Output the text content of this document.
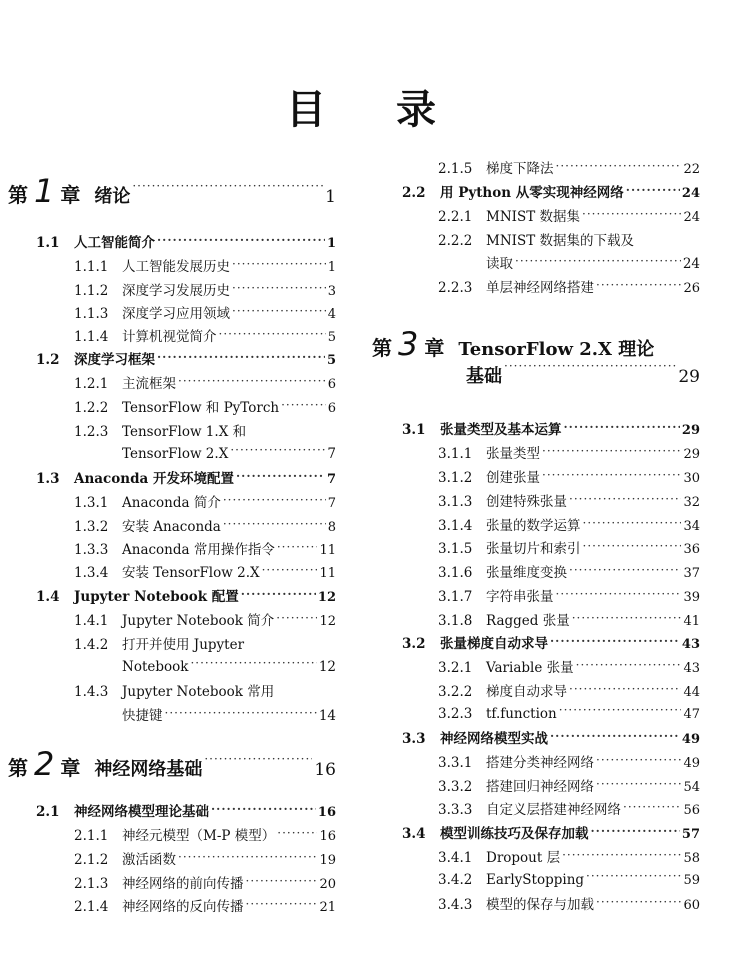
目 录
第 1 章 绪论 ·····	1
1.1	人工智能简介 ·····	1
1.1.1	人工智能发展历史 ·····	1
1.1.2	深度学习发展历史 ·····	3
1.1.3	深度学习应用领域 ·····	4
1.1.4	计算机视觉简介 ·····	5
1.2	深度学习框架 ·····	5
1.2.1	主流框架 ·····	6
1.2.2	TensorFlow 和 PyTorch ·····	6
1.2.3	TensorFlow 1.X 和
TensorFlow 2.X ·····	7
1.3	Anaconda 开发环境配置 ·····	7
1.3.1	Anaconda 简介 ·····	7
1.3.2	安装 Anaconda ·····	8
1.3.3	Anaconda 常用操作指令 ·····	11
1.3.4	安装 TensorFlow 2.X ·····	11
1.4	Jupyter Notebook 配置 ·····	12
1.4.1	Jupyter Notebook 简介 ·····	12
1.4.2	打开并使用 Jupyter
Notebook ·····	12
1.4.3	Jupyter Notebook 常用
快捷键 ·····	14
第 2 章 神经网络基础 ·····	16
2.1	神经网络模型理论基础 ·····	16
2.1.1	神经元模型（M-P 模型） ·····	16
2.1.2	激活函数 ·····	19
2.1.3	神经网络的前向传播 ·····	20
2.1.4	神经网络的反向传播 ·····	21
2.1.5	梯度下降法 ·····	22
2.2	用 Python 从零实现神经网络 ·····	24
2.2.1	MNIST 数据集 ·····	24
2.2.2	MNIST 数据集的下载及
读取 ·····	24
2.2.3	单层神经网络搭建 ·····	26
第 3 章 TensorFlow 2.X 理论
基础 ·····	29
3.1	张量类型及基本运算 ·····	29
3.1.1	张量类型 ·····	29
3.1.2	创建张量 ·····	30
3.1.3	创建特殊张量 ·····	32
3.1.4	张量的数学运算 ·····	34
3.1.5	张量切片和索引 ·····	36
3.1.6	张量维度变换 ·····	37
3.1.7	字符串张量 ·····	39
3.1.8	Ragged 张量 ·····	41
3.2	张量梯度自动求导 ·····	43
3.2.1	Variable 张量 ·····	43
3.2.2	梯度自动求导 ·····	44
3.2.3	tf.function ·····	47
3.3	神经网络模型实战 ·····	49
3.3.1	搭建分类神经网络 ·····	49
3.3.2	搭建回归神经网络 ·····	54
3.3.3	自定义层搭建神经网络 ·····	56
3.4	模型训练技巧及保存加载 ·····	57
3.4.1	Dropout 层 ·····	58
3.4.2	EarlyStopping ·····	59
3.4.3	模型的保存与加载 ·····	60
